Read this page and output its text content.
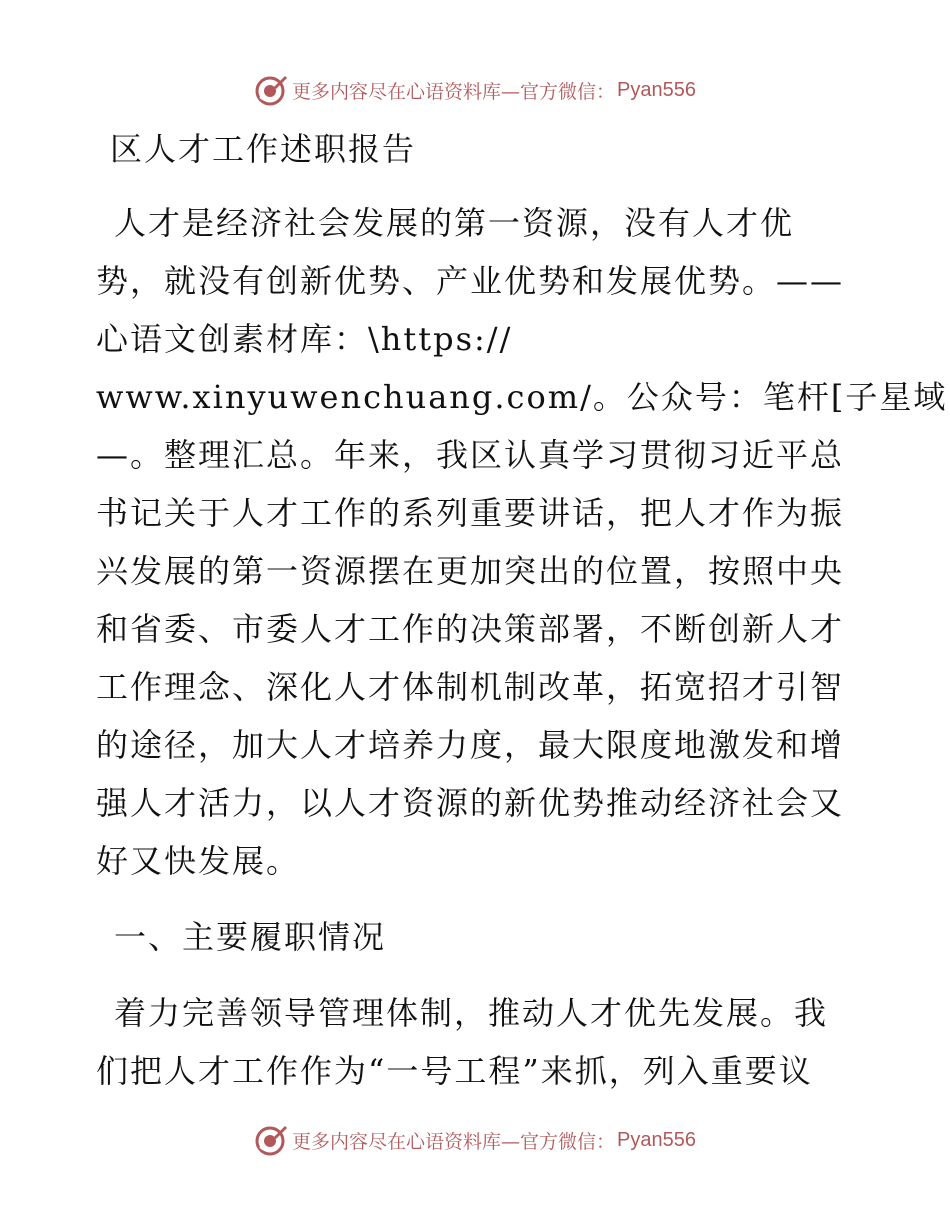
更多内容尽在心语资料库—官方微信： Pyan556
区人才工作述职报告
人才是经济社会发展的第一资源，没有人才优
势，就没有创新优势、产业优势和发展优势。——
心语文创素材库：\https://
www.xinyuwenchuang.com/。公众号：笔杆[子星域
—。整理汇总。年来，我区认真学习贯彻习近平总
书记关于人才工作的系列重要讲话，把人才作为振
兴发展的第一资源摆在更加突出的位置，按照中央
和省委、市委人才工作的决策部署，不断创新人才
工作理念、深化人才体制机制改革，拓宽招才引智
的途径，加大人才培养力度，最大限度地激发和增
强人才活力，以人才资源的新优势推动经济社会又
好又快发展。
一、主要履职情况
着力完善领导管理体制，推动人才优先发展。我
们把人才工作作为“一号工程”来抓，列入重要议
更多内容尽在心语资料库—官方微信： Pyan556
